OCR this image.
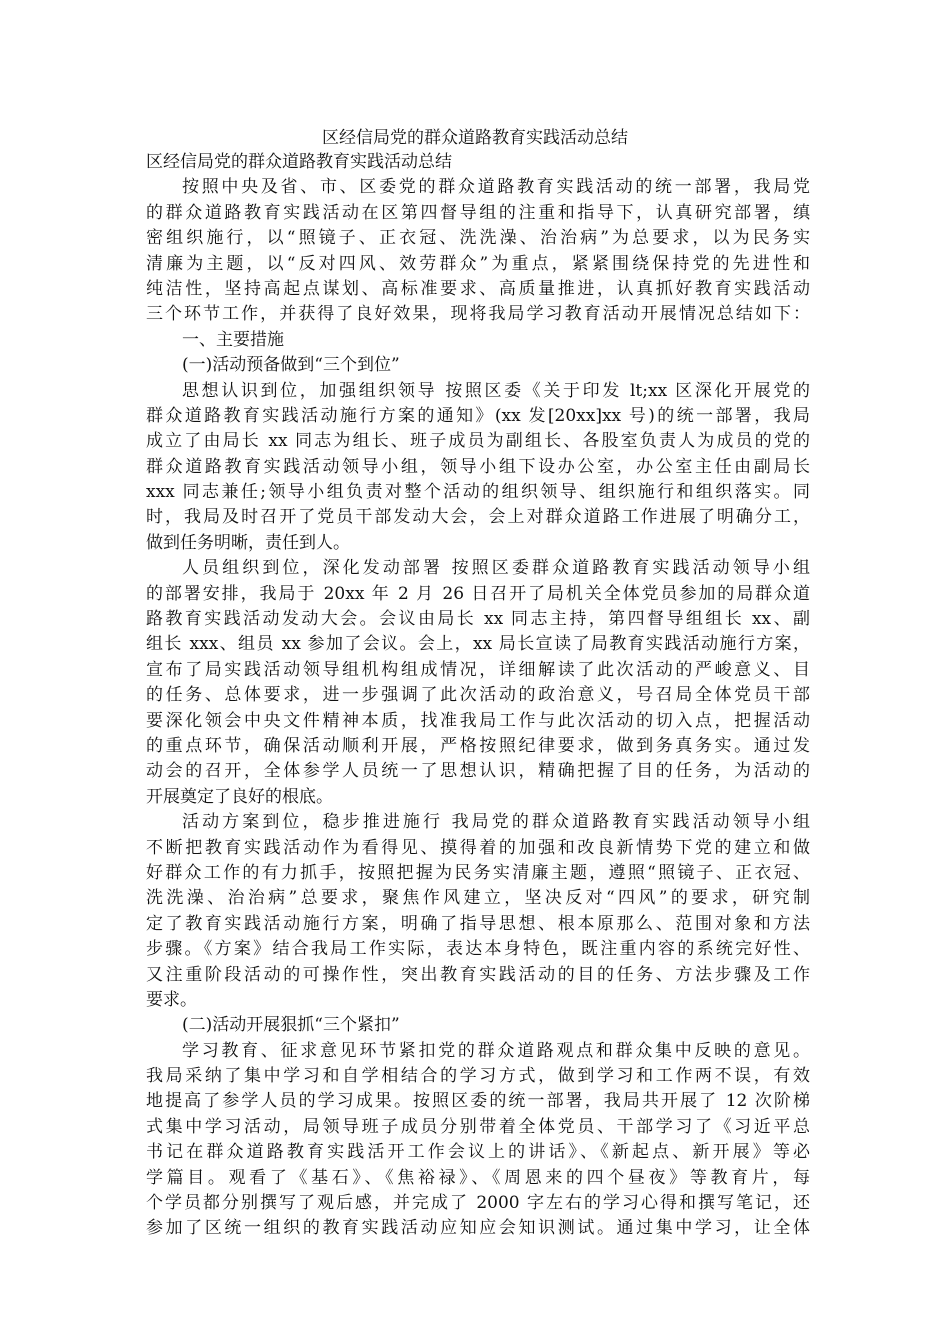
区经信局党的群众道路教育实践活动总结
区经信局党的群众道路教育实践活动总结
按照中央及省、市、区委党的群众道路教育实践活动的统一部署，我局党
的群众道路教育实践活动在区第四督导组的注重和指导下，认真研究部署，缜
密组织施行，以“照镜子、正衣冠、洗洗澡、治治病”为总要求，以为民务实
清廉为主题，以“反对四风、效劳群众”为重点，紧紧围绕保持党的先进性和
纯洁性，坚持高起点谋划、高标准要求、高质量推进，认真抓好教育实践活动
三个环节工作，并获得了良好效果，现将我局学习教育活动开展情况总结如下：
一、主要措施
(一)活动预备做到“三个到位”
思想认识到位，加强组织领导 按照区委《关于印发 lt;xx 区深化开展党的
群众道路教育实践活动施行方案的通知》(xx 发[20xx]xx 号)的统一部署，我局
成立了由局长 xx 同志为组长、班子成员为副组长、各股室负责人为成员的党的
群众道路教育实践活动领导小组，领导小组下设办公室，办公室主任由副局长
xxx 同志兼任;领导小组负责对整个活动的组织领导、组织施行和组织落实。同
时，我局及时召开了党员干部发动大会，会上对群众道路工作进展了明确分工，
做到任务明晰，责任到人。
人员组织到位，深化发动部署 按照区委群众道路教育实践活动领导小组
的部署安排，我局于 20xx 年 2 月 26 日召开了局机关全体党员参加的局群众道
路教育实践活动发动大会。会议由局长 xx 同志主持，第四督导组组长 xx、副
组长 xxx、组员 xx 参加了会议。会上，xx 局长宣读了局教育实践活动施行方案，
宣布了局实践活动领导组机构组成情况，详细解读了此次活动的严峻意义、目
的任务、总体要求，进一步强调了此次活动的政治意义，号召局全体党员干部
要深化领会中央文件精神本质，找准我局工作与此次活动的切入点，把握活动
的重点环节，确保活动顺利开展，严格按照纪律要求，做到务真务实。通过发
动会的召开，全体参学人员统一了思想认识，精确把握了目的任务，为活动的
开展奠定了良好的根底。
活动方案到位，稳步推进施行 我局党的群众道路教育实践活动领导小组
不断把教育实践活动作为看得见、摸得着的加强和改良新情势下党的建立和做
好群众工作的有力抓手，按照把握为民务实清廉主题，遵照“照镜子、正衣冠、
洗洗澡、治治病”总要求，聚焦作风建立，坚决反对“四风”的要求，研究制
定了教育实践活动施行方案，明确了指导思想、根本原那么、范围对象和方法
步骤。《方案》结合我局工作实际，表达本身特色，既注重内容的系统完好性、
又注重阶段活动的可操作性，突出教育实践活动的目的任务、方法步骤及工作
要求。
(二)活动开展狠抓“三个紧扣”
学习教育、征求意见环节紧扣党的群众道路观点和群众集中反映的意见。
我局采纳了集中学习和自学相结合的学习方式，做到学习和工作两不误，有效
地提高了参学人员的学习成果。按照区委的统一部署，我局共开展了 12 次阶梯
式集中学习活动，局领导班子成员分别带着全体党员、干部学习了《习近平总
书记在群众道路教育实践活开工作会议上的讲话》、《新起点、新开展》等必
学篇目。观看了《基石》、《焦裕禄》、《周恩来的四个昼夜》等教育片，每
个学员都分别撰写了观后感，并完成了 2000 字左右的学习心得和撰写笔记，还
参加了区统一组织的教育实践活动应知应会知识测试。通过集中学习，让全体
